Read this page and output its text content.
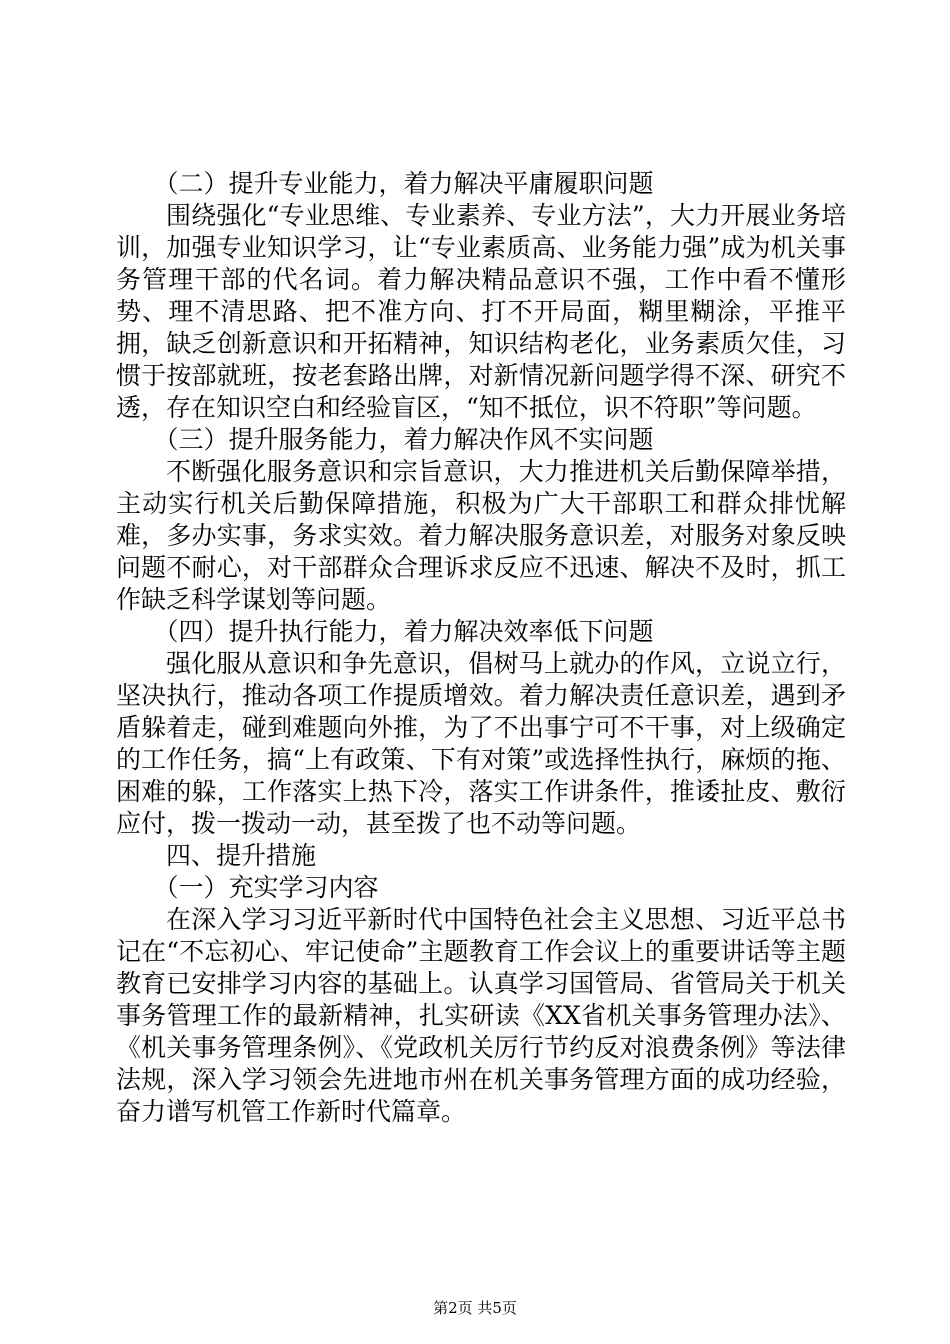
（二）提升专业能力，着力解决平庸履职问题

围绕强化“专业思维、专业素养、专业方法”，大力开展业务培训，加强专业知识学习，让“专业素质高、业务能力强”成为机关事务管理干部的代名词。着力解决精品意识不强，工作中看不懂形势、理不清思路、把不准方向、打不开局面，糊里糊涂，平推平拥，缺乏创新意识和开拓精神，知识结构老化，业务素质欠佳，习惯于按部就班，按老套路出牌，对新情况新问题学得不深、研究不透，存在知识空白和经验盲区，“知不抵位，识不符职”等问题。

（三）提升服务能力，着力解决作风不实问题

不断强化服务意识和宗旨意识，大力推进机关后勤保障举措，主动实行机关后勤保障措施，积极为广大干部职工和群众排忧解难，多办实事，务求实效。着力解决服务意识差，对服务对象反映问题不耐心，对干部群众合理诉求反应不迅速、解决不及时，抓工作缺乏科学谋划等问题。

（四）提升执行能力，着力解决效率低下问题

强化服从意识和争先意识，倡树马上就办的作风，立说立行，坚决执行，推动各项工作提质增效。着力解决责任意识差，遇到矛盾躲着走，碰到难题向外推，为了不出事宁可不干事，对上级确定的工作任务，搞“上有政策、下有对策”或选择性执行，麻烦的拖、困难的躲，工作落实上热下冷，落实工作讲条件，推诿扯皮、敷衍应付，拨一拨动一动，甚至拨了也不动等问题。

四、提升措施

（一）充实学习内容

在深入学习习近平新时代中国特色社会主义思想、习近平总书记在“不忘初心、牢记使命”主题教育工作会议上的重要讲话等主题教育已安排学习内容的基础上。认真学习国管局、省管局关于机关事务管理工作的最新精神，扎实研读《XX省机关事务管理办法》、《机关事务管理条例》、《党政机关厉行节约反对浪费条例》等法律法规，深入学习领会先进地市州在机关事务管理方面的成功经验，奋力谱写机管工作新时代篇章。

第2页 共5页
